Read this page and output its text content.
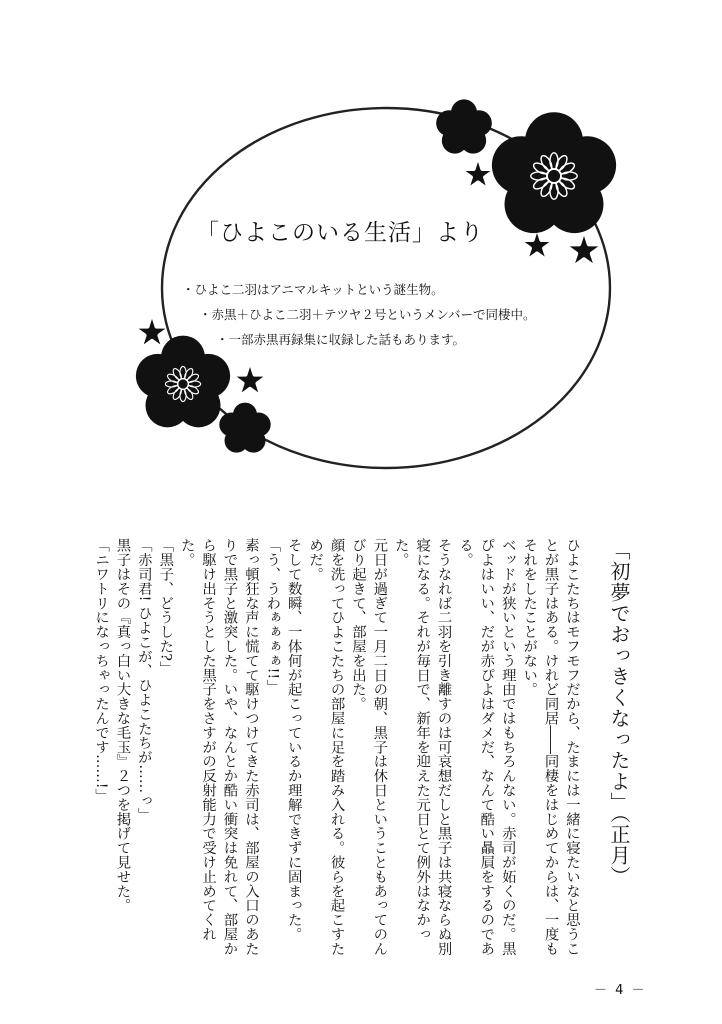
「ひよこのいる生活」より
・ひよこ二羽はアニマルキットという謎生物。
・赤黒＋ひよこ二羽＋テツヤ２号というメンバーで同棲中。
・一部赤黒再録集に収録した話もあります。
「初夢でおっきくなったよ」（正月）

ひよこたちはモフモフだから、たまには一緒に寝たいなと思うことが黒子はある。けれど同居――同棲をはじめてからは、一度もそれをしたことがない。

ベッドが狭いという理由ではもちろんない。赤司が妬くのだ。黒ぴよはいい、だが赤ぴよはダメだ、なんて酷い贔屓をするのである。

そうなれば二羽を引き離すのは可哀想だしと黒子は共寝ならぬ別寝になる。それが毎日で、新年を迎えた元日とて例外はなかった。

元日が過ぎて一月二日の朝、黒子は休日ということもあってのんびり起きて、部屋を出た。

顔を洗ってひよこたちの部屋に足を踏み入れる。彼らを起こすためだ。

そして数瞬、一体何が起こっているか理解できずに固まった。

「う、うわぁぁぁぁ!!」

素っ頓狂な声に慌てて駆けつけてきた赤司は、部屋の入口のあたりで黒子と激突した。いや、なんとか酷い衝突は免れて、部屋から駆け出そうとした黒子をさすがの反射能力で受け止めてくれた。

「黒子、どうした?」

「赤司君! ひよこが、ひよこたちが……っ」

黒子はその『真っ白い大きな毛玉』２つを掲げて見せた。

「ニワトリになっちゃったんです……!」

－ 4 －
